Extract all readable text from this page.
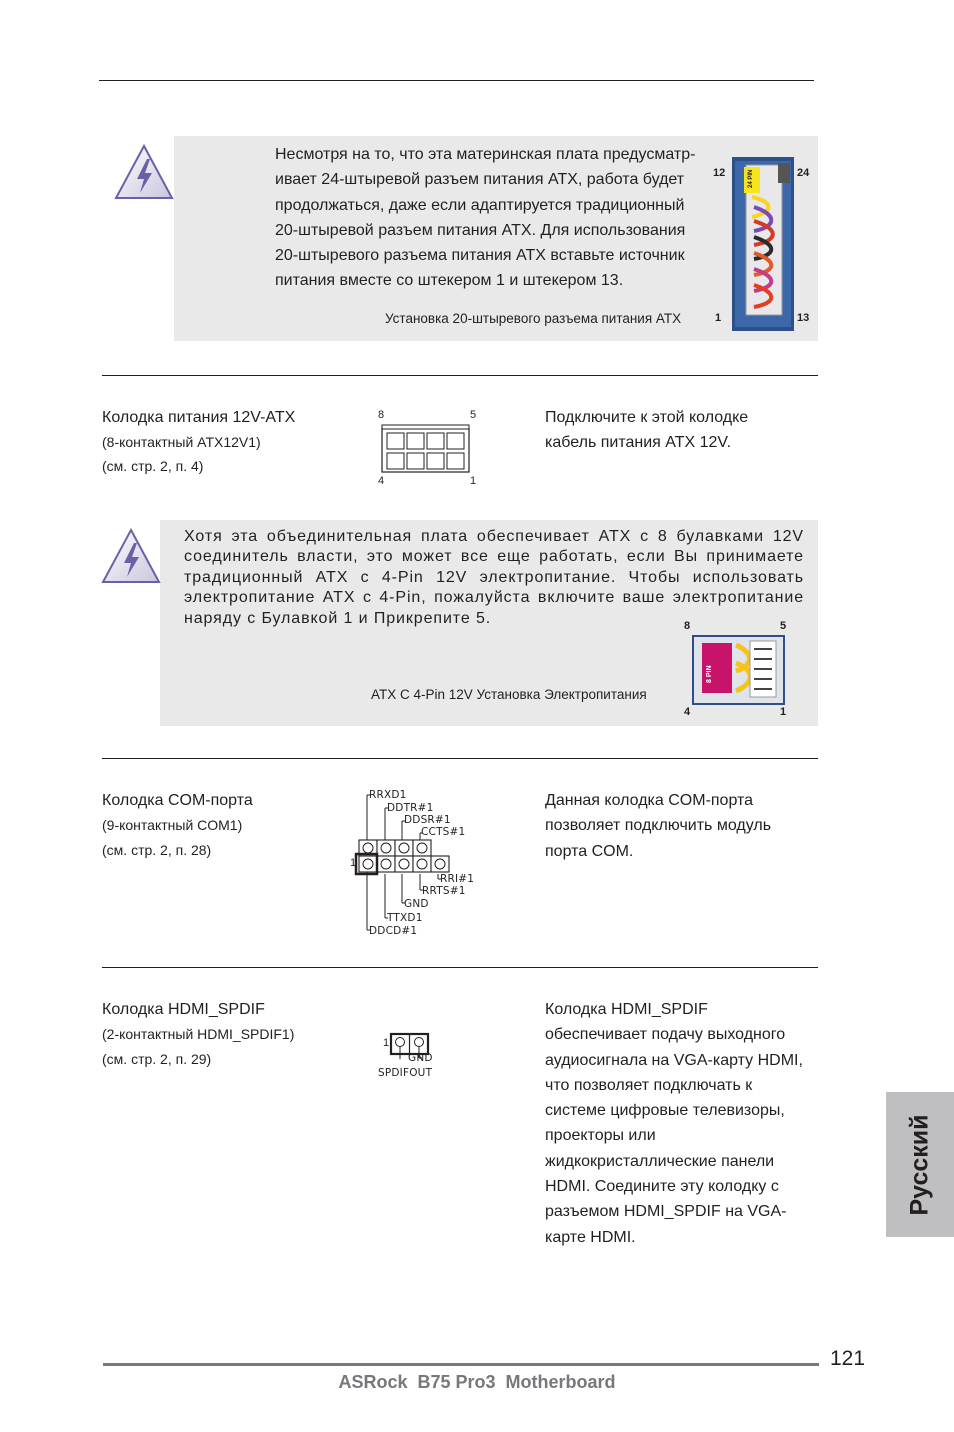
Несмотря на то, что эта материнская плата предусматр-
ивает 24-штыревой разъем питания ATX, работа будет
продолжаться, даже если адаптируется традиционный
20-штыревой разъем питания ATX. Для использования
20-штыревого разъема питания ATX вставьте источник
питания вместе со штекером 1 и штекером 13.
Установка 20-штыревого разъема питания ATX
24 PIN
12	24
1	13
Колодка питания 12V-ATX
(8-контактный ATX12V1)
(см. стр. 2, п. 4)
8	5
4	1
Подключите к этой колодке
кабель питания ATX 12V.
Хотя эта объединительная плата обеспечивает ATX с 8 булавками 12V соединитель власти, это может все еще работать, если Вы принимаете традиционный ATX с 4-Pin 12V электропитание. Чтобы использовать электропитание ATX с 4-Pin, пожалуйста включите ваше электропитание наряду с Булавкой 1 и Прикрепите 5.
ATX С 4-Pin 12V Установка Электропитания
8 PIN
8	5
4	1
Колодка COM-порта
(9-контактный COM1)
(см. стр. 2, п. 28)
1
RRXD1
DDTR#1
DDSR#1
CCTS#1
RRI#1
RRTS#1
GND
TTXD1
DDCD#1
Данная колодка COM-порта
позволяет подключить модуль
порта COM.
Колодка HDMI_SPDIF
(2-контактный HDMI_SPDIF1)
(см. стр. 2, п. 29)
1
GND
SPDIFOUT
Колодка HDMI_SPDIF
обеспечивает подачу выходного
аудиосигнала на VGA-карту HDMI,
что позволяет подключать к
системе цифровые телевизоры,
проекторы или
жидкокристаллические панели
HDMI. Соедините эту колодку с
разъемом HDMI_SPDIF на VGA-
карте HDMI.
Русский
121
ASRock  B75 Pro3  Motherboard
